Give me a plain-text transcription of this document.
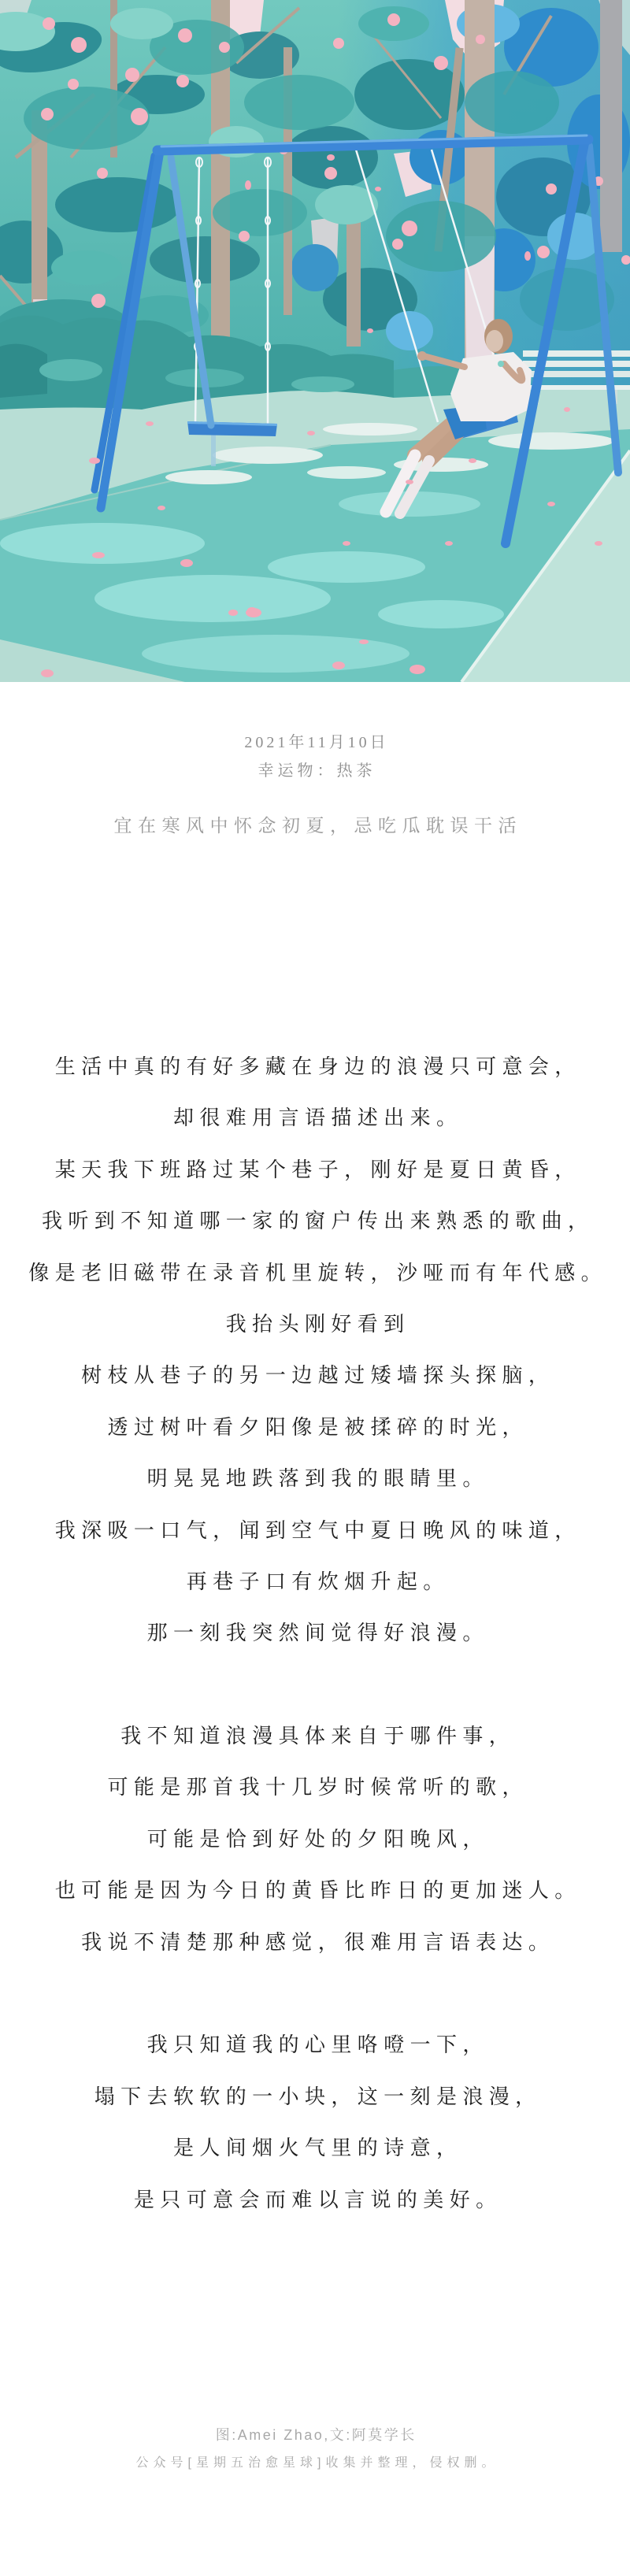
2021年11月10日
幸运物：热茶
宜在寒风中怀念初夏，忌吃瓜耽误干活
生活中真的有好多藏在身边的浪漫只可意会，
却很难用言语描述出来。
某天我下班路过某个巷子，刚好是夏日黄昏，
我听到不知道哪一家的窗户传出来熟悉的歌曲，
像是老旧磁带在录音机里旋转，沙哑而有年代感。
我抬头刚好看到
树枝从巷子的另一边越过矮墙探头探脑，
透过树叶看夕阳像是被揉碎的时光，
明晃晃地跌落到我的眼睛里。
我深吸一口气，闻到空气中夏日晚风的味道，
再巷子口有炊烟升起。
那一刻我突然间觉得好浪漫。
我不知道浪漫具体来自于哪件事，
可能是那首我十几岁时候常听的歌，
可能是恰到好处的夕阳晚风，
也可能是因为今日的黄昏比昨日的更加迷人。
我说不清楚那种感觉，很难用言语表达。
我只知道我的心里咯噔一下，
塌下去软软的一小块，这一刻是浪漫，
是人间烟火气里的诗意，
是只可意会而难以言说的美好。
图:Amei Zhao,文:阿莫学长
公众号[星期五治愈星球]收集并整理，侵权删。
